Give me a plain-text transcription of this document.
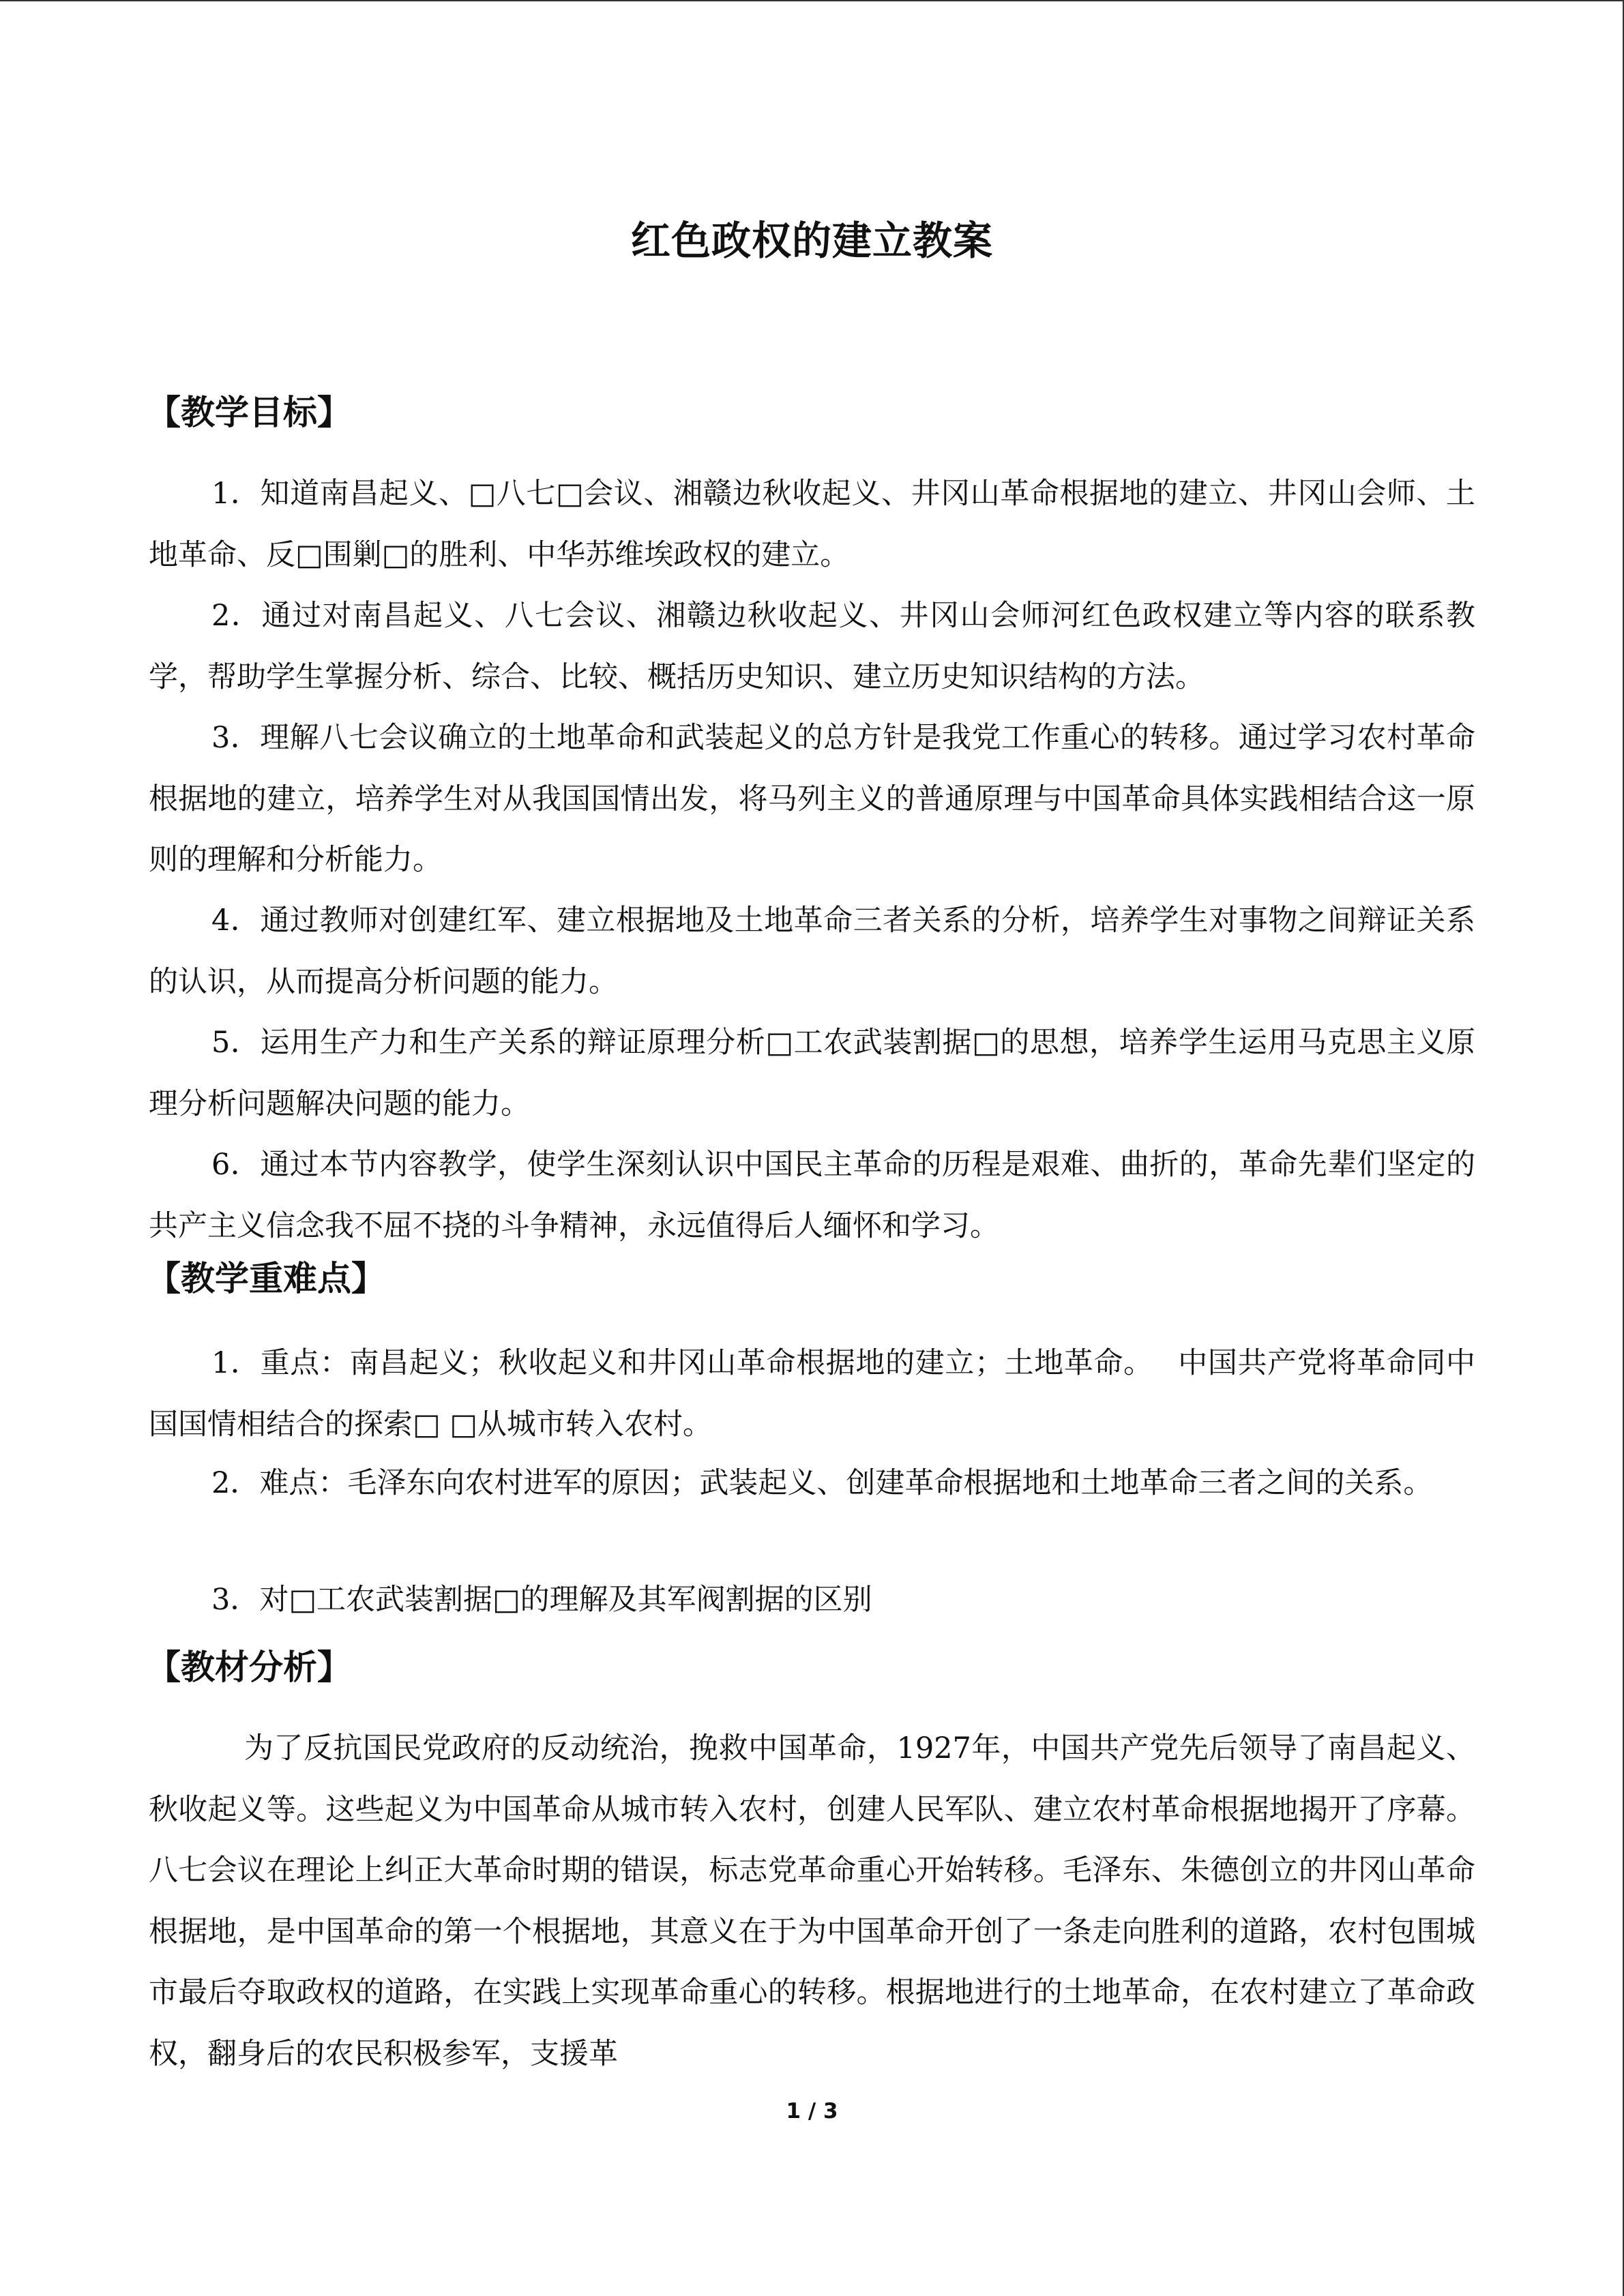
红色政权的建立教案
【教学目标】

1．知道南昌起义、□八七□会议、湘赣边秋收起义、井冈山革命根据地的建立、井冈山会师、土地革命、反□围剿□的胜利、中华苏维埃政权的建立。

2．通过对南昌起义、八七会议、湘赣边秋收起义、井冈山会师河红色政权建立等内容的联系教学，帮助学生掌握分析、综合、比较、概括历史知识、建立历史知识结构的方法。

3．理解八七会议确立的土地革命和武装起义的总方针是我党工作重心的转移。通过学习农村革命根据地的建立，培养学生对从我国国情出发，将马列主义的普通原理与中国革命具体实践相结合这一原则的理解和分析能力。

4．通过教师对创建红军、建立根据地及土地革命三者关系的分析，培养学生对事物之间辩证关系的认识，从而提高分析问题的能力。

5．运用生产力和生产关系的辩证原理分析□工农武装割据□的思想，培养学生运用马克思主义原理分析问题解决问题的能力。

6．通过本节内容教学，使学生深刻认识中国民主革命的历程是艰难、曲折的，革命先辈们坚定的共产主义信念我不屈不挠的斗争精神，永远值得后人缅怀和学习。

【教学重难点】

1．重点：南昌起义；秋收起义和井冈山革命根据地的建立；土地革命。　 中国共产党将革命同中国国情相结合的探索□ □从城市转入农村。

2．难点：毛泽东向农村进军的原因；武装起义、创建革命根据地和土地革命三者之间的关系。

3．对□工农武装割据□的理解及其军阀割据的区别

【教材分析】

为了反抗国民党政府的反动统治，挽救中国革命，1927年，中国共产党先后领导了南昌起义、秋收起义等。这些起义为中国革命从城市转入农村，创建人民军队、建立农村革命根据地揭开了序幕。八七会议在理论上纠正大革命时期的错误，标志党革命重心开始转移。毛泽东、朱德创立的井冈山革命根据地，是中国革命的第一个根据地，其意义在于为中国革命开创了一条走向胜利的道路，农村包围城市最后夺取政权的道路，在实践上实现革命重心的转移。根据地进行的土地革命，在农村建立了革命政权，翻身后的农民积极参军，支援革

1 / 3
